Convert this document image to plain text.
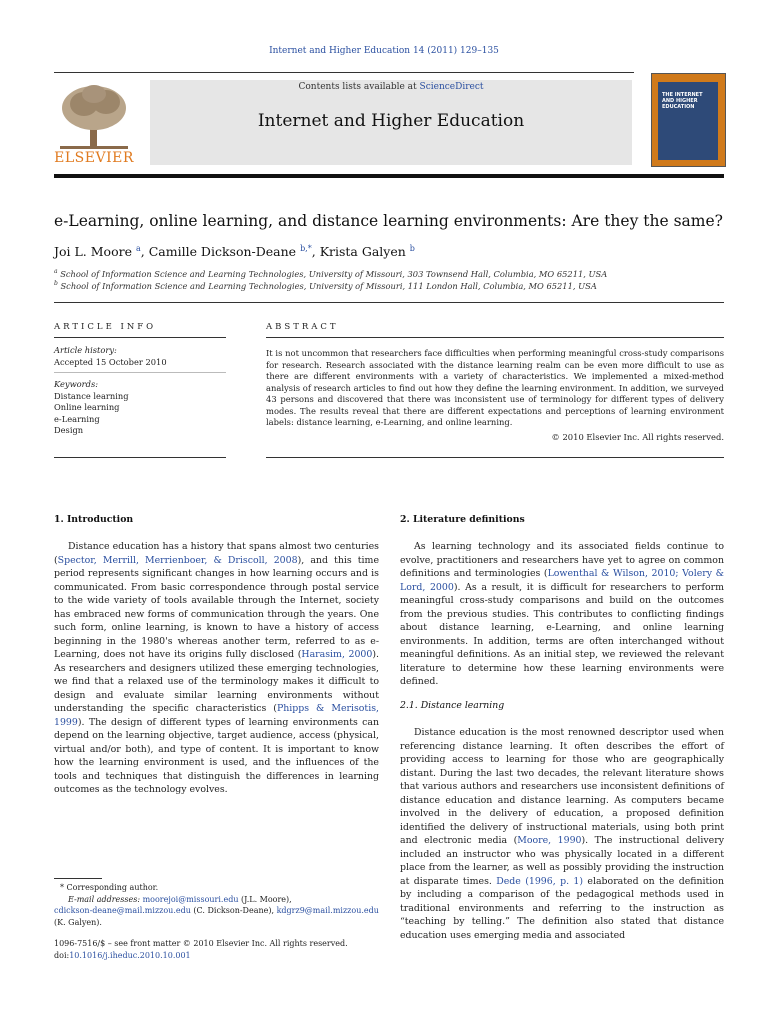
Internet and Higher Education 14 (2011) 129–135
ELSEVIER
Contents lists available at ScienceDirect
Internet and Higher Education
THE INTERNET AND HIGHER EDUCATION
e-Learning, online learning, and distance learning environments: Are they the same?
Joi L. Moore $^a$, Camille Dickson-Deane $^{b,*}$, Krista Galyen $^b$
$^a$ School of Information Science and Learning Technologies, University of Missouri, 303 Townsend Hall, Columbia, MO 65211, USA
$^b$ School of Information Science and Learning Technologies, University of Missouri, 111 London Hall, Columbia, MO 65211, USA
ARTICLE INFO
Article history:
Accepted 15 October 2010
Keywords:
Distance learning
Online learning
e-Learning
Design
ABSTRACT
It is not uncommon that researchers face difficulties when performing meaningful cross-study comparisons for research. Research associated with the distance learning realm can be even more difficult to use as there are different environments with a variety of characteristics. We implemented a mixed-method analysis of research articles to find out how they define the learning environment. In addition, we surveyed 43 persons and discovered that there was inconsistent use of terminology for different types of delivery modes. The results reveal that there are different expectations and perceptions of learning environment labels: distance learning, e-Learning, and online learning.
© 2010 Elsevier Inc. All rights reserved.
1. Introduction
Distance education has a history that spans almost two centuries (Spector, Merrill, Merrienboer, & Driscoll, 2008), and this time period represents significant changes in how learning occurs and is communicated. From basic correspondence through postal service to the wide variety of tools available through the Internet, society has embraced new forms of communication through the years. One such form, online learning, is known to have a history of access beginning in the 1980's whereas another term, referred to as e-Learning, does not have its origins fully disclosed (Harasim, 2000). As researchers and designers utilized these emerging technologies, we find that a relaxed use of the terminology makes it difficult to design and evaluate similar learning environments without understanding the specific characteristics (Phipps & Merisotis, 1999). The design of different types of learning environments can depend on the learning objective, target audience, access (physical, virtual and/or both), and type of content. It is important to know how the learning environment is used, and the influences of the tools and techniques that distinguish the differences in learning outcomes as the technology evolves.
* Corresponding author.
E-mail addresses: moorejoi@missouri.edu (J.L. Moore),
cdickson-deane@mail.mizzou.edu (C. Dickson-Deane), kdgrz9@mail.mizzou.edu
(K. Galyen).
1096-7516/$ – see front matter © 2010 Elsevier Inc. All rights reserved.
doi:10.1016/j.iheduc.2010.10.001
2. Literature definitions
As learning technology and its associated fields continue to evolve, practitioners and researchers have yet to agree on common definitions and terminologies (Lowenthal & Wilson, 2010; Volery & Lord, 2000). As a result, it is difficult for researchers to perform meaningful cross-study comparisons and build on the outcomes from the previous studies. This contributes to conflicting findings about distance learning, e-Learning, and online learning environments. In addition, terms are often interchanged without meaningful definitions. As an initial step, we reviewed the relevant literature to determine how these learning environments were defined.
2.1. Distance learning
Distance education is the most renowned descriptor used when referencing distance learning. It often describes the effort of providing access to learning for those who are geographically distant. During the last two decades, the relevant literature shows that various authors and researchers use inconsistent definitions of distance education and distance learning. As computers became involved in the delivery of education, a proposed definition identified the delivery of instructional materials, using both print and electronic media (Moore, 1990). The instructional delivery included an instructor who was physically located in a different place from the learner, as well as possibly providing the instruction at disparate times. Dede (1996, p. 1) elaborated on the definition by including a comparison of the pedagogical methods used in traditional environments and referring to the instruction as “teaching by telling.” The definition also stated that distance education uses emerging media and associated
